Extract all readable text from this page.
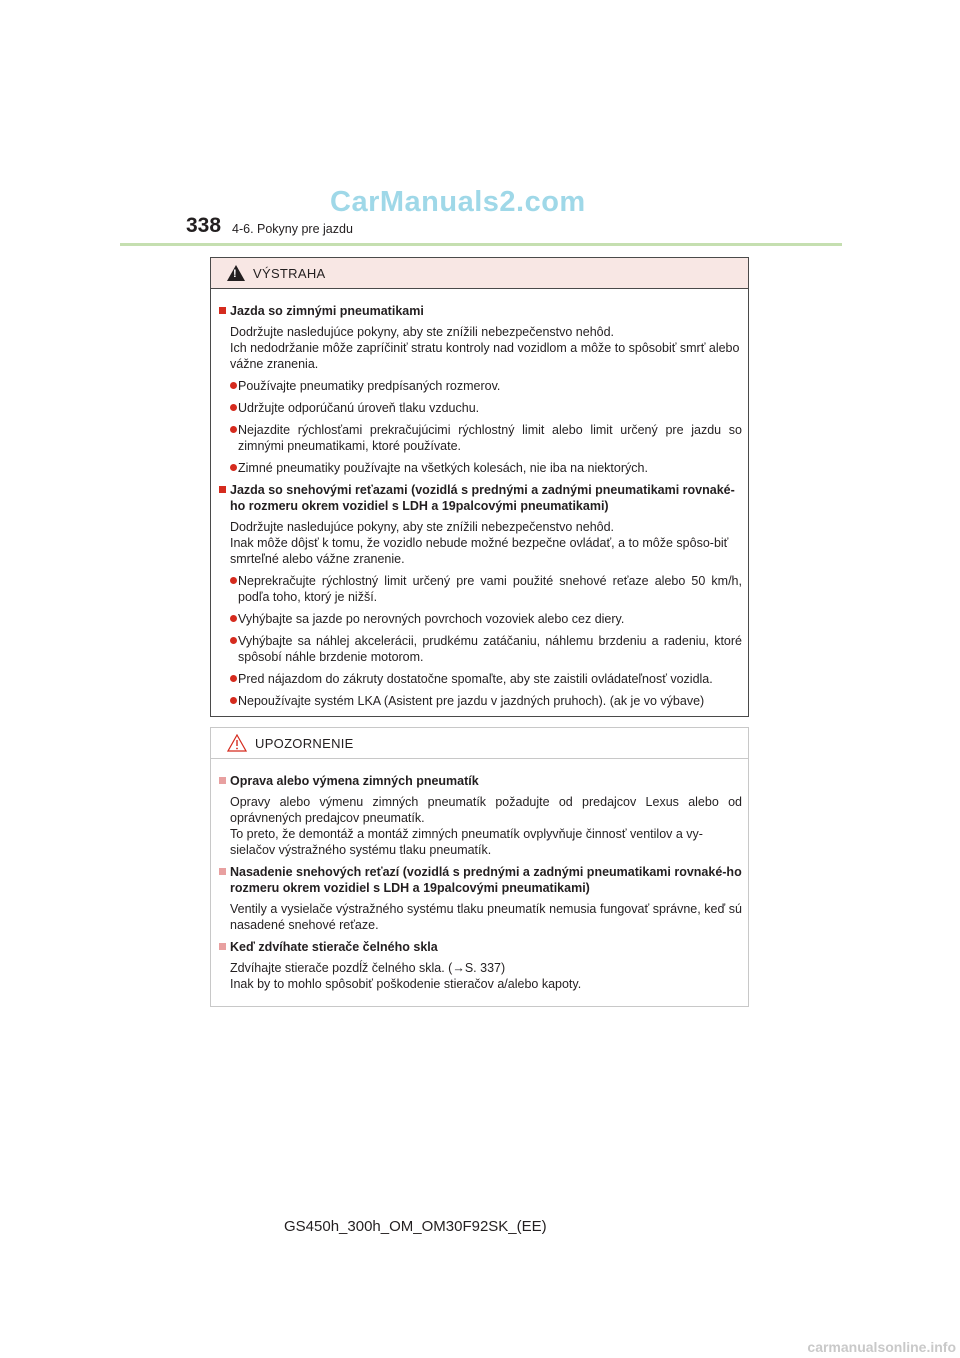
CarManuals2.com
338 4-6. Pokyny pre jazdu
!
VÝSTRAHA
Jazda so zimnými pneumatikami
Dodržujte nasledujúce pokyny, aby ste znížili nebezpečenstvo nehôd.
Ich nedodržanie môže zapríčiniť stratu kontroly nad vozidlom a môže to spôsobiť smrť alebo vážne zranenia.
Používajte pneumatiky predpísaných rozmerov.
Udržujte odporúčanú úroveň tlaku vzduchu.
Nejazdite rýchlosťami prekračujúcimi rýchlostný limit alebo limit určený pre jazdu so zimnými pneumatikami, ktoré používate.
Zimné pneumatiky používajte na všetkých kolesách, nie iba na niektorých.
Jazda so snehovými reťazami (vozidlá s prednými a zadnými pneumatikami rovnaké-ho rozmeru okrem vozidiel s LDH a 19palcovými pneumatikami)
Dodržujte nasledujúce pokyny, aby ste znížili nebezpečenstvo nehôd.
Inak môže dôjsť k tomu, že vozidlo nebude možné bezpečne ovládať, a to môže spôso-biť smrteľné alebo vážne zranenie.
Neprekračujte rýchlostný limit určený pre vami použité snehové reťaze alebo 50 km/h, podľa toho, ktorý je nižší.
Vyhýbajte sa jazde po nerovných povrchoch vozoviek alebo cez diery.
Vyhýbajte sa náhlej akcelerácii, prudkému zatáčaniu, náhlemu brzdeniu a radeniu, ktoré spôsobí náhle brzdenie motorom.
Pred nájazdom do zákruty dostatočne spomaľte, aby ste zaistili ovládateľnosť vozidla.
Nepoužívajte systém LKA (Asistent pre jazdu v jazdných pruhoch). (ak je vo výbave)
UPOZORNENIE
Oprava alebo výmena zimných pneumatík
Opravy alebo výmenu zimných pneumatík požadujte od predajcov Lexus alebo od oprávnených predajcov pneumatík.
To preto, že demontáž a montáž zimných pneumatík ovplyvňuje činnosť ventilov a vy-sielačov výstražného systému tlaku pneumatík.
Nasadenie snehových reťazí (vozidlá s prednými a zadnými pneumatikami rovnaké-ho rozmeru okrem vozidiel s LDH a 19palcovými pneumatikami)
Ventily a vysielače výstražného systému tlaku pneumatík nemusia fungovať správne, keď sú nasadené snehové reťaze.
Keď zdvíhate stierače čelného skla
Zdvíhajte stierače pozdĺž čelného skla. (→S. 337)
Inak by to mohlo spôsobiť poškodenie stieračov a/alebo kapoty.
GS450h_300h_OM_OM30F92SK_(EE)
carmanualsonline.info
